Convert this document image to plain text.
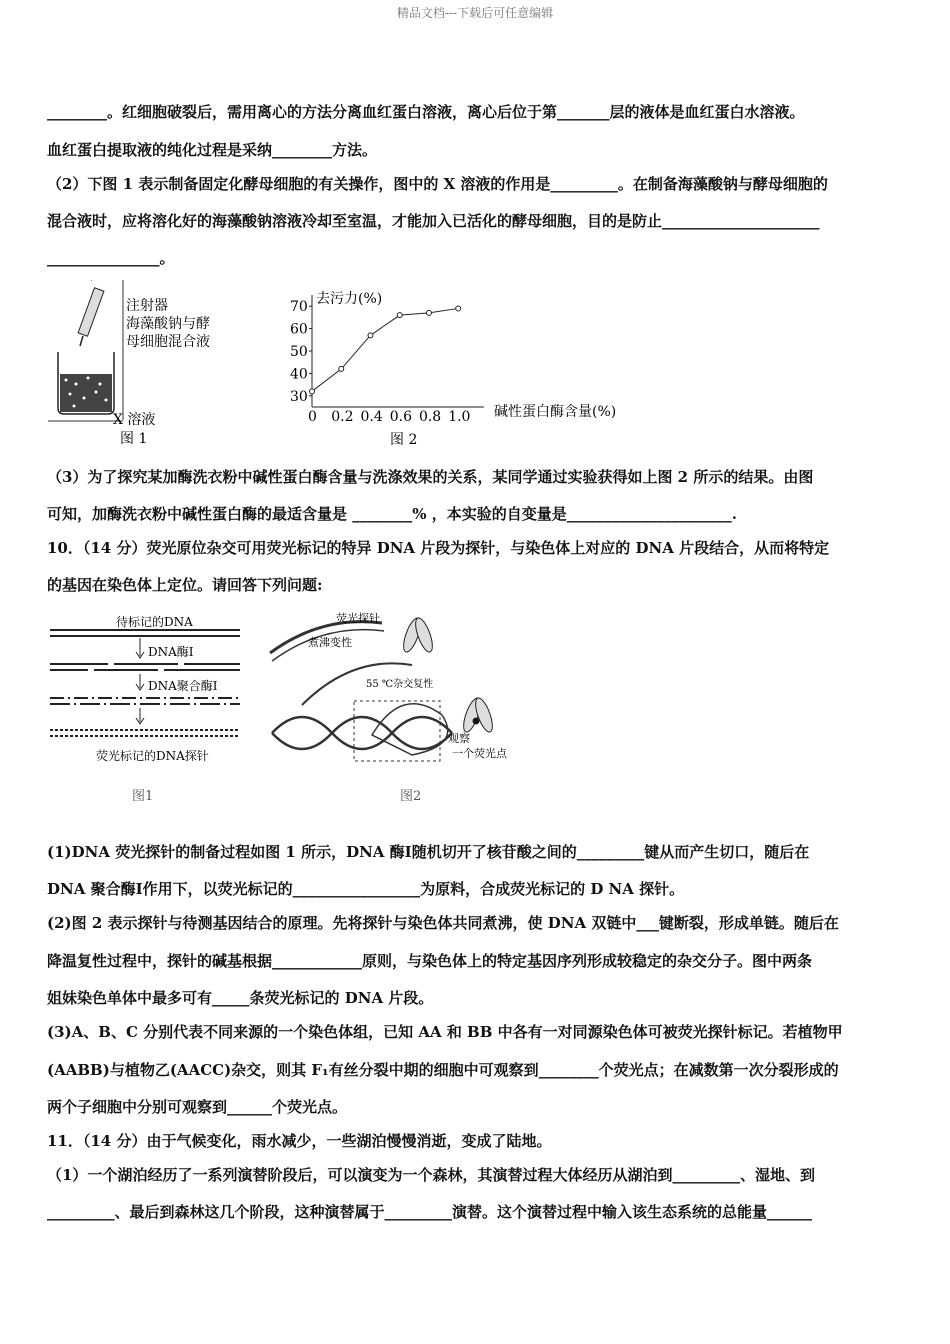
精品文档---下载后可任意编辑
________。红细胞破裂后，需用离心的方法分离血红蛋白溶液，离心后位于第_______层的液体是血红蛋白水溶液。
血红蛋白提取液的纯化过程是采纳________方法。
（2）下图 1 表示制备固定化酵母细胞的有关操作，图中的 X 溶液的作用是_________。在制备海藻酸钠与酵母细胞的
混合液时，应将溶化好的海藻酸钠溶液冷却至室温，才能加入已活化的酵母细胞，目的是防止_____________________
_______________。
注射器
海藻酸钠与酵
母细胞混合液
X 溶液
图 1
去污力(%)
碱性蛋白酶含量(%)
30
40
50
60
70
0 0.2 0.4 0.6 0.8 1.0
图 2
（3）为了探究某加酶洗衣粉中碱性蛋白酶含量与洗涤效果的关系，某同学通过实验获得如上图 2 所示的结果。由图
可知，加酶洗衣粉中碱性蛋白酶的最适含量是 ________% ，本实验的自变量是______________________.
10．（14 分）荧光原位杂交可用荧光标记的特异 DNA 片段为探针，与染色体上对应的 DNA 片段结合，从而将特定
的基因在染色体上定位。请回答下列问题:
待标记的DNA
DNA酶Ⅰ
DNA聚合酶Ⅰ
荧光标记的DNA探针
图1
荧光探针
煮沸变性
55 ℃杂交复性
观察
一个荧光点
图2
(1)DNA 荧光探针的制备过程如图 1 所示，DNA 酶Ⅰ随机切开了核苷酸之间的_________键从而产生切口，随后在
DNA 聚合酶Ⅰ作用下，以荧光标记的_________________为原料，合成荧光标记的 D NA 探针。
(2)图 2 表示探针与待测基因结合的原理。先将探针与染色体共同煮沸，使 DNA 双链中___键断裂，形成单链。随后在
降温复性过程中，探针的碱基根据____________原则，与染色体上的特定基因序列形成较稳定的杂交分子。图中两条
姐妹染色单体中最多可有_____条荧光标记的 DNA 片段。
(3)A、B、C 分别代表不同来源的一个染色体组，已知 AA 和 BB 中各有一对同源染色体可被荧光探针标记。若植物甲
(AABB)与植物乙(AACC)杂交，则其 F₁有丝分裂中期的细胞中可观察到________个荧光点；在减数第一次分裂形成的
两个子细胞中分别可观察到______个荧光点。
11．（14 分）由于气候变化，雨水减少，一些湖泊慢慢消逝，变成了陆地。
（1）一个湖泊经历了一系列演替阶段后，可以演变为一个森林，其演替过程大体经历从湖泊到_________、湿地、到
_________、最后到森林这几个阶段，这种演替属于_________演替。这个演替过程中输入该生态系统的总能量______
